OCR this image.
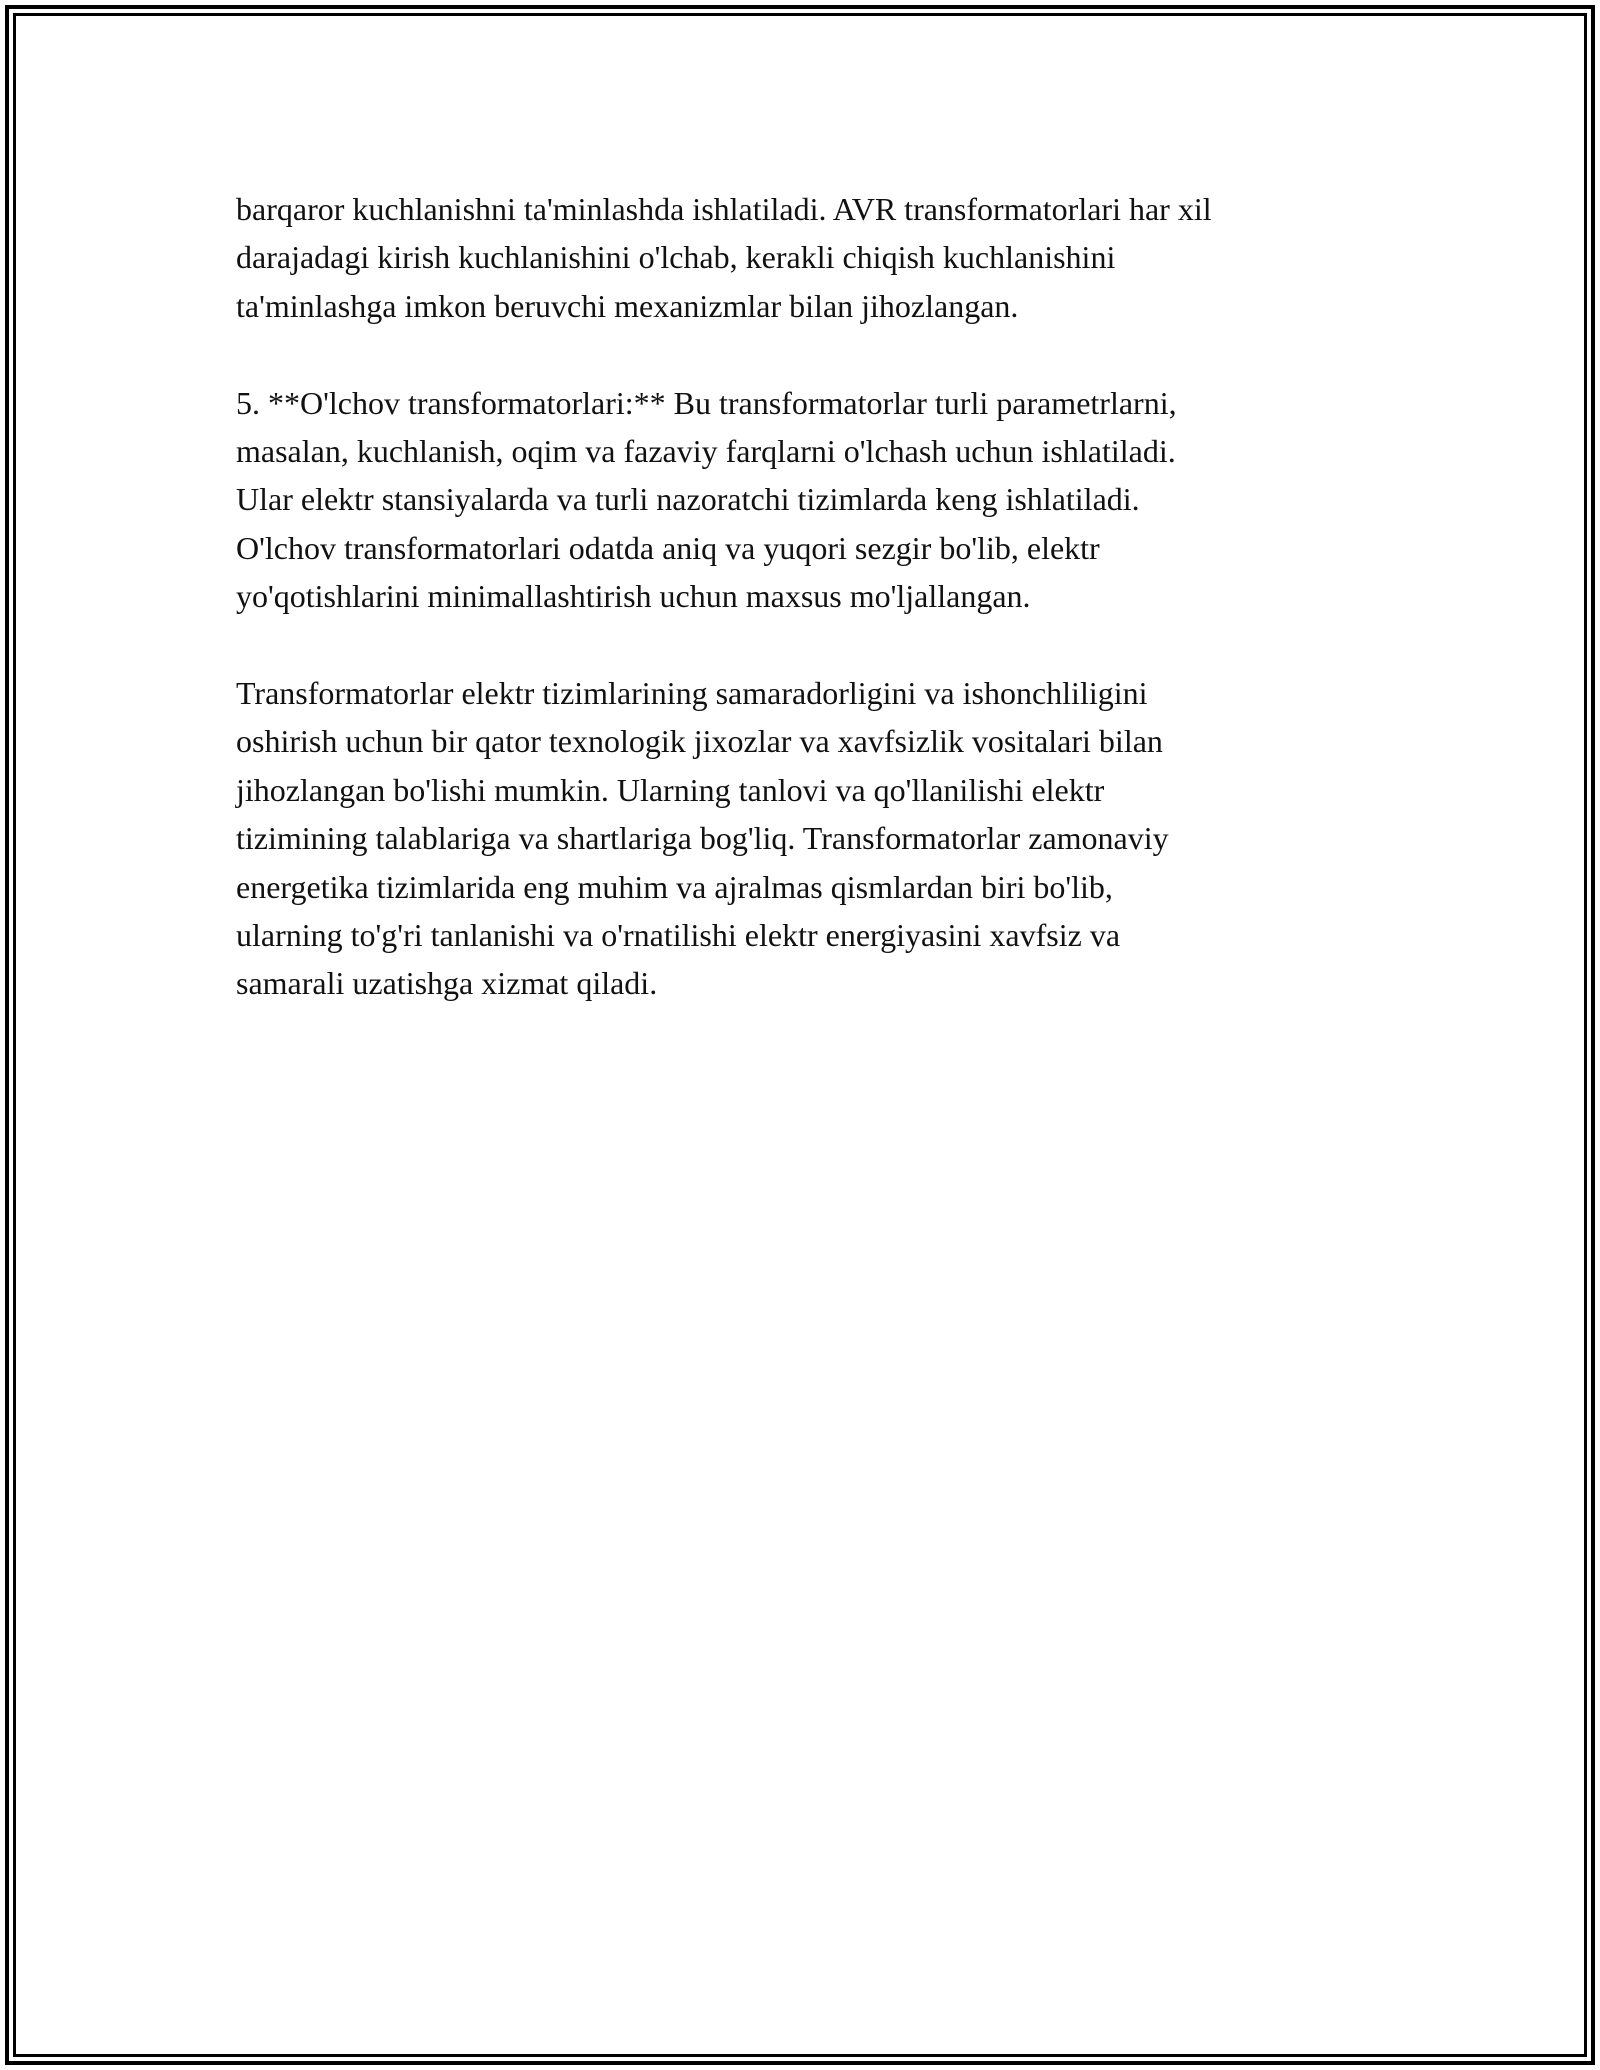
barqaror kuchlanishni ta'minlashda ishlatiladi. AVR transformatorlari har xil
darajadagi kirish kuchlanishini o'lchab, kerakli chiqish kuchlanishini
ta'minlashga imkon beruvchi mexanizmlar bilan jihozlangan.

5. **O'lchov transformatorlari:** Bu transformatorlar turli parametrlarni,
masalan, kuchlanish, oqim va fazaviy farqlarni o'lchash uchun ishlatiladi.
Ular elektr stansiyalarda va turli nazoratchi tizimlarda keng ishlatiladi.
O'lchov transformatorlari odatda aniq va yuqori sezgir bo'lib, elektr
yo'qotishlarini minimallashtirish uchun maxsus mo'ljallangan.

Transformatorlar elektr tizimlarining samaradorligini va ishonchliligini
oshirish uchun bir qator texnologik jixozlar va xavfsizlik vositalari bilan
jihozlangan bo'lishi mumkin. Ularning tanlovi va qo'llanilishi elektr
tizimining talablariga va shartlariga bog'liq. Transformatorlar zamonaviy
energetika tizimlarida eng muhim va ajralmas qismlardan biri bo'lib,
ularning to'g'ri tanlanishi va o'rnatilishi elektr energiyasini xavfsiz va
samarali uzatishga xizmat qiladi.
